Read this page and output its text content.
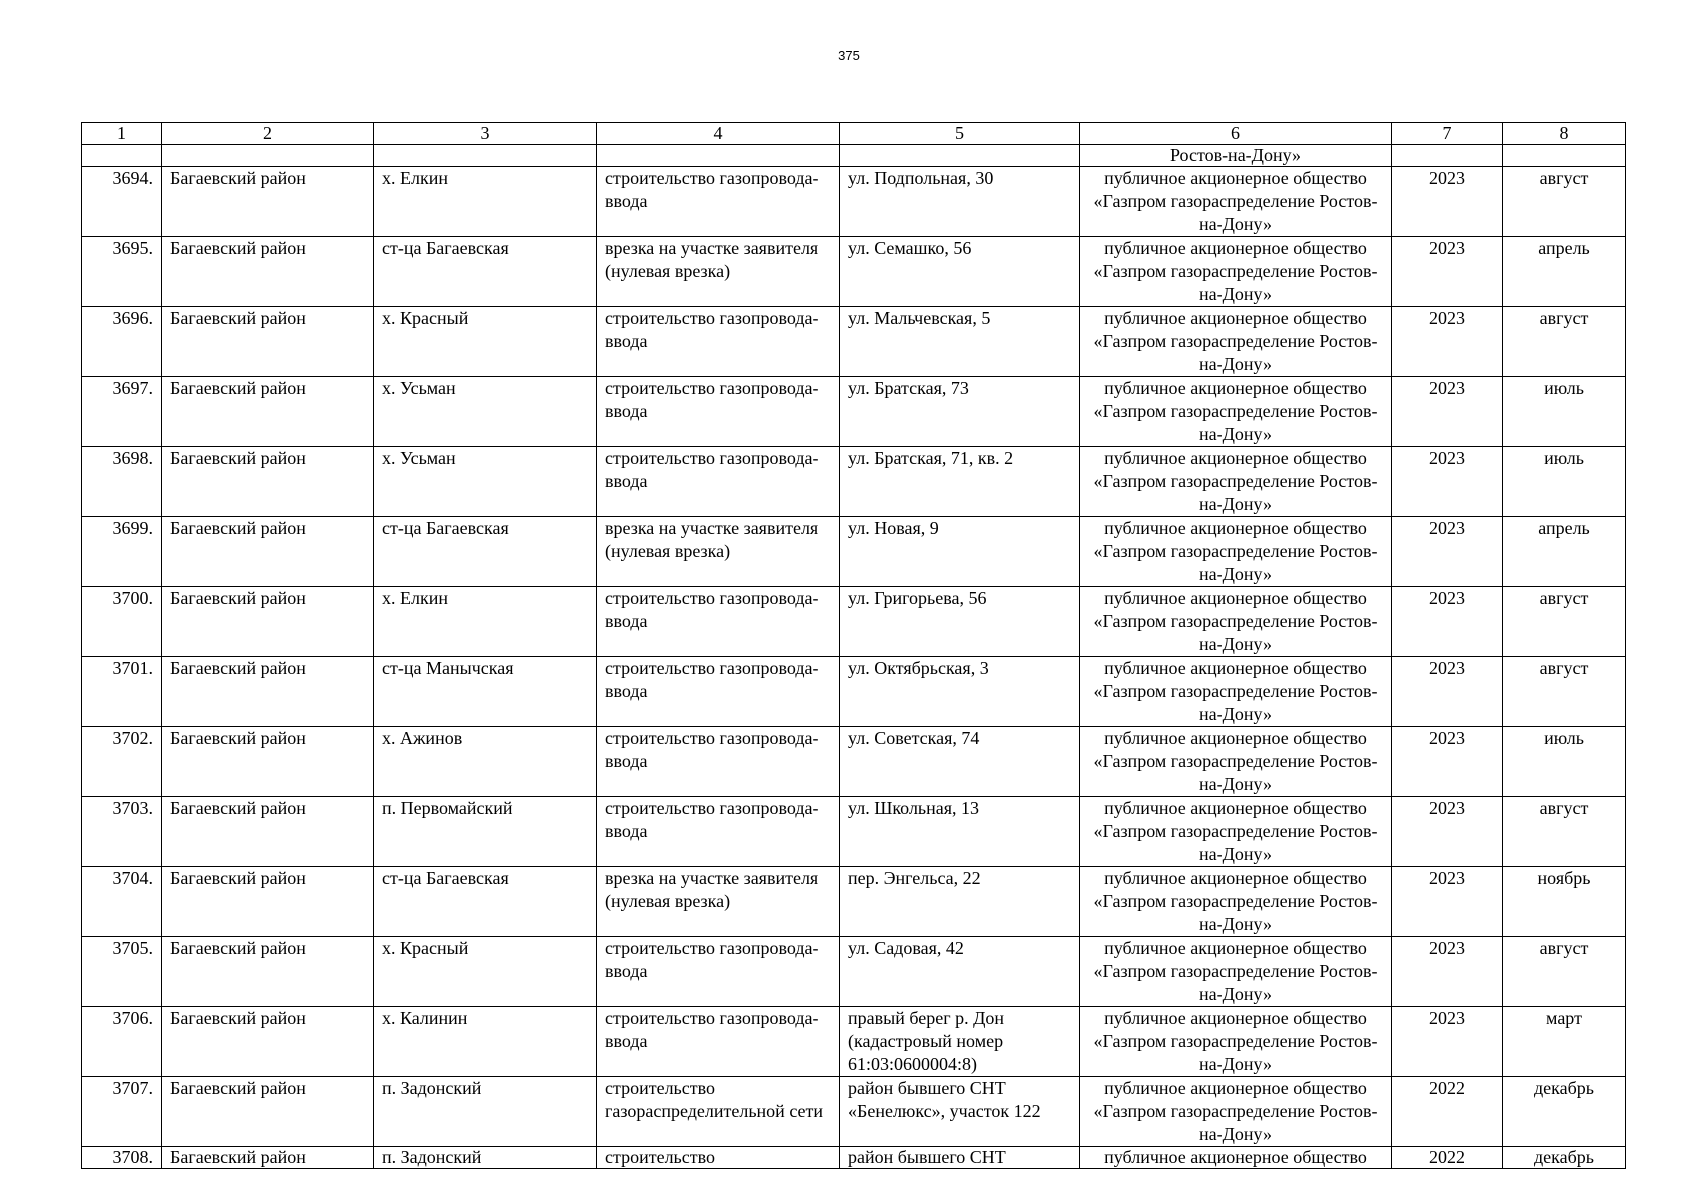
375
1	2	3	4	5	6	7	8
					Ростов-на-Дону»		
3694.	Багаевский район	х. Елкин	строительство газопровода-ввода	ул. Подпольная, 30	публичное акционерное общество «Газпром газораспределение Ростов-на-Дону»	2023	август
3695.	Багаевский район	ст-ца Багаевская	врезка на участке заявителя (нулевая врезка)	ул. Семашко, 56	публичное акционерное общество «Газпром газораспределение Ростов-на-Дону»	2023	апрель
3696.	Багаевский район	х. Красный	строительство газопровода-ввода	ул. Мальчевская, 5	публичное акционерное общество «Газпром газораспределение Ростов-на-Дону»	2023	август
3697.	Багаевский район	х. Усьман	строительство газопровода-ввода	ул. Братская, 73	публичное акционерное общество «Газпром газораспределение Ростов-на-Дону»	2023	июль
3698.	Багаевский район	х. Усьман	строительство газопровода-ввода	ул. Братская, 71, кв. 2	публичное акционерное общество «Газпром газораспределение Ростов-на-Дону»	2023	июль
3699.	Багаевский район	ст-ца Багаевская	врезка на участке заявителя (нулевая врезка)	ул. Новая, 9	публичное акционерное общество «Газпром газораспределение Ростов-на-Дону»	2023	апрель
3700.	Багаевский район	х. Елкин	строительство газопровода-ввода	ул. Григорьева, 56	публичное акционерное общество «Газпром газораспределение Ростов-на-Дону»	2023	август
3701.	Багаевский район	ст-ца Манычская	строительство газопровода-ввода	ул. Октябрьская, 3	публичное акционерное общество «Газпром газораспределение Ростов-на-Дону»	2023	август
3702.	Багаевский район	х. Ажинов	строительство газопровода-ввода	ул. Советская, 74	публичное акционерное общество «Газпром газораспределение Ростов-на-Дону»	2023	июль
3703.	Багаевский район	п. Первомайский	строительство газопровода-ввода	ул. Школьная, 13	публичное акционерное общество «Газпром газораспределение Ростов-на-Дону»	2023	август
3704.	Багаевский район	ст-ца Багаевская	врезка на участке заявителя (нулевая врезка)	пер. Энгельса, 22	публичное акционерное общество «Газпром газораспределение Ростов-на-Дону»	2023	ноябрь
3705.	Багаевский район	х. Красный	строительство газопровода-ввода	ул. Садовая, 42	публичное акционерное общество «Газпром газораспределение Ростов-на-Дону»	2023	август
3706.	Багаевский район	х. Калинин	строительство газопровода-ввода	правый берег р. Дон (кадастровый номер 61:03:0600004:8)	публичное акционерное общество «Газпром газораспределение Ростов-на-Дону»	2023	март
3707.	Багаевский район	п. Задонский	строительство газораспределительной сети	район бывшего СНТ «Бенелюкс», участок 122	публичное акционерное общество «Газпром газораспределение Ростов-на-Дону»	2022	декабрь
3708.	Багаевский район	п. Задонский	строительство	район бывшего СНТ	публичное акционерное общество	2022	декабрь
